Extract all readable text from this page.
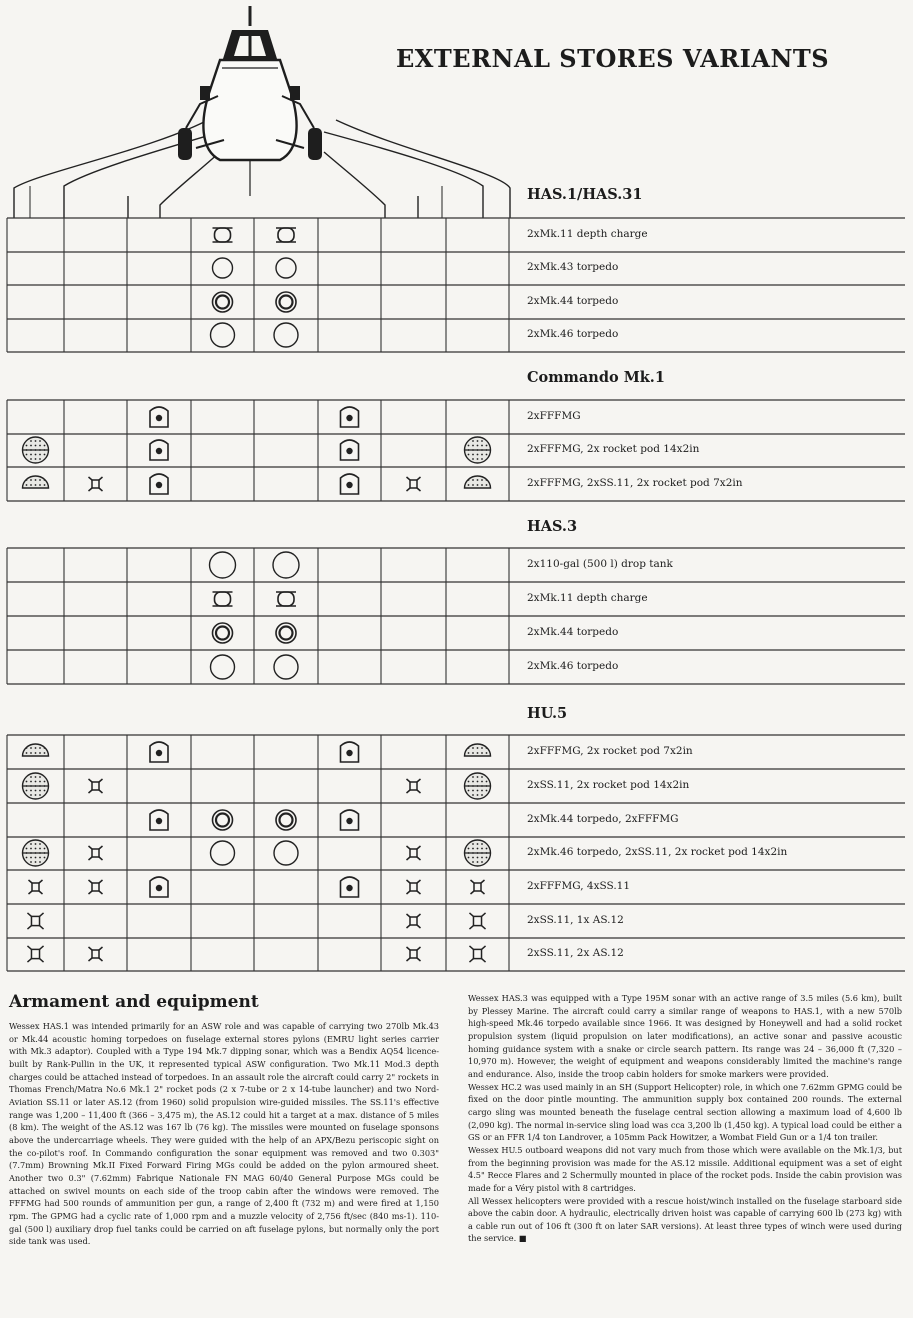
EXTERNAL STORES VARIANTS
HAS.1/HAS.31
2xMk.11 depth charge
2xMk.43 torpedo
2xMk.44 torpedo
2xMk.46 torpedo
Commando Mk.1
2xFFFMG
2xFFFMG, 2x rocket pod 14x2in
2xFFFMG, 2xSS.11, 2x rocket pod 7x2in
HAS.3
2x110-gal (500 l) drop tank
2xMk.11 depth charge
2xMk.44 torpedo
2xMk.46 torpedo
HU.5
2xFFFMG, 2x rocket pod 7x2in
2xSS.11, 2x rocket pod 14x2in
2xMk.44 torpedo, 2xFFFMG
2xMk.46 torpedo, 2xSS.11, 2x rocket pod 14x2in
2xFFFMG, 4xSS.11
2xSS.11, 1x AS.12
2xSS.11, 2x AS.12
Armament and equipment

Wessex HAS.1 was intended primarily for an ASW role and was capable of carrying two 270lb Mk.43 or Mk.44 acoustic homing torpedoes on fuselage external stores pylons (EMRU light series carrier with Mk.3 adaptor). Coupled with a Type 194 Mk.7 dipping sonar, which was a Bendix AQ54 licence-built by Rank-Pullin in the UK, it represented typical ASW configuration. Two Mk.11 Mod.3 depth charges could be attached instead of torpedoes. In an assault role the aircraft could carry 2" rockets in Thomas French/Matra No.6 Mk.1 2" rocket pods (2 x 7-tube or 2 x 14-tube launcher) and two Nord-Aviation SS.11 or later AS.12 (from 1960) solid propulsion wire-guided missiles. The SS.11's effective range was 1,200 – 11,400 ft (366 – 3,475 m), the AS.12 could hit a target at a max. distance of 5 miles (8 km). The weight of the AS.12 was 167 lb (76 kg). The missiles were mounted on fuselage sponsons above the undercarriage wheels. They were guided with the help of an APX/Bezu periscopic sight on the co-pilot's roof. In Commando configuration the sonar equipment was removed and two 0.303" (7.7mm) Browning Mk.II Fixed Forward Firing MGs could be added on the pylon armoured sheet. Another two 0.3" (7.62mm) Fabrique Nationale FN MAG 60/40 General Purpose MGs could be attached on swivel mounts on each side of the troop cabin after the windows were removed. The FFFMG had 500 rounds of ammunition per gun, a range of 2,400 ft (732 m) and were fired at 1,150 rpm. The GPMG had a cyclic rate of 1,000 rpm and a muzzle velocity of 2,756 ft/sec (840 ms-1). 110-gal (500 l) auxiliary drop fuel tanks could be carried on aft fuselage pylons, but normally only the port side tank was used.

Wessex HAS.3 was equipped with a Type 195M sonar with an active range of 3.5 miles (5.6 km), built by Plessey Marine. The aircraft could carry a similar range of weapons to HAS.1, with a new 570lb high-speed Mk.46 torpedo available since 1966. It was designed by Honeywell and had a solid rocket propulsion system (liquid propulsion on later modifications), an active sonar and passive acoustic homing guidance system with a snake or circle search pattern. Its range was 24 – 36,000 ft (7,320 – 10,970 m). However, the weight of equipment and weapons considerably limited the machine's range and endurance. Also, inside the troop cabin holders for smoke markers were provided.

Wessex HC.2 was used mainly in an SH (Support Helicopter) role, in which one 7.62mm GPMG could be fixed on the door pintle mounting. The ammunition supply box contained 200 rounds. The external cargo sling was mounted beneath the fuselage central section allowing a maximum load of 4,600 lb (2,090 kg). The normal in-service sling load was cca 3,200 lb (1,450 kg). A typical load could be either a GS or an FFR 1/4 ton Landrover, a 105mm Pack Howitzer, a Wombat Field Gun or a 1/4 ton trailer.

Wessex HU.5 outboard weapons did not vary much from those which were available on the Mk.1/3, but from the beginning provision was made for the AS.12 missile. Additional equipment was a set of eight 4.5" Recce Flares and 2 Schermully mounted in place of the rocket pods. Inside the cabin provision was made for a Véry pistol with 8 cartridges.

All Wessex helicopters were provided with a rescue hoist/winch installed on the fuselage starboard side above the cabin door. A hydraulic, electrically driven hoist was capable of carrying 600 lb (273 kg) with a cable run out of 106 ft (300 ft on later SAR versions). At least three types of winch were used during the service. ■
